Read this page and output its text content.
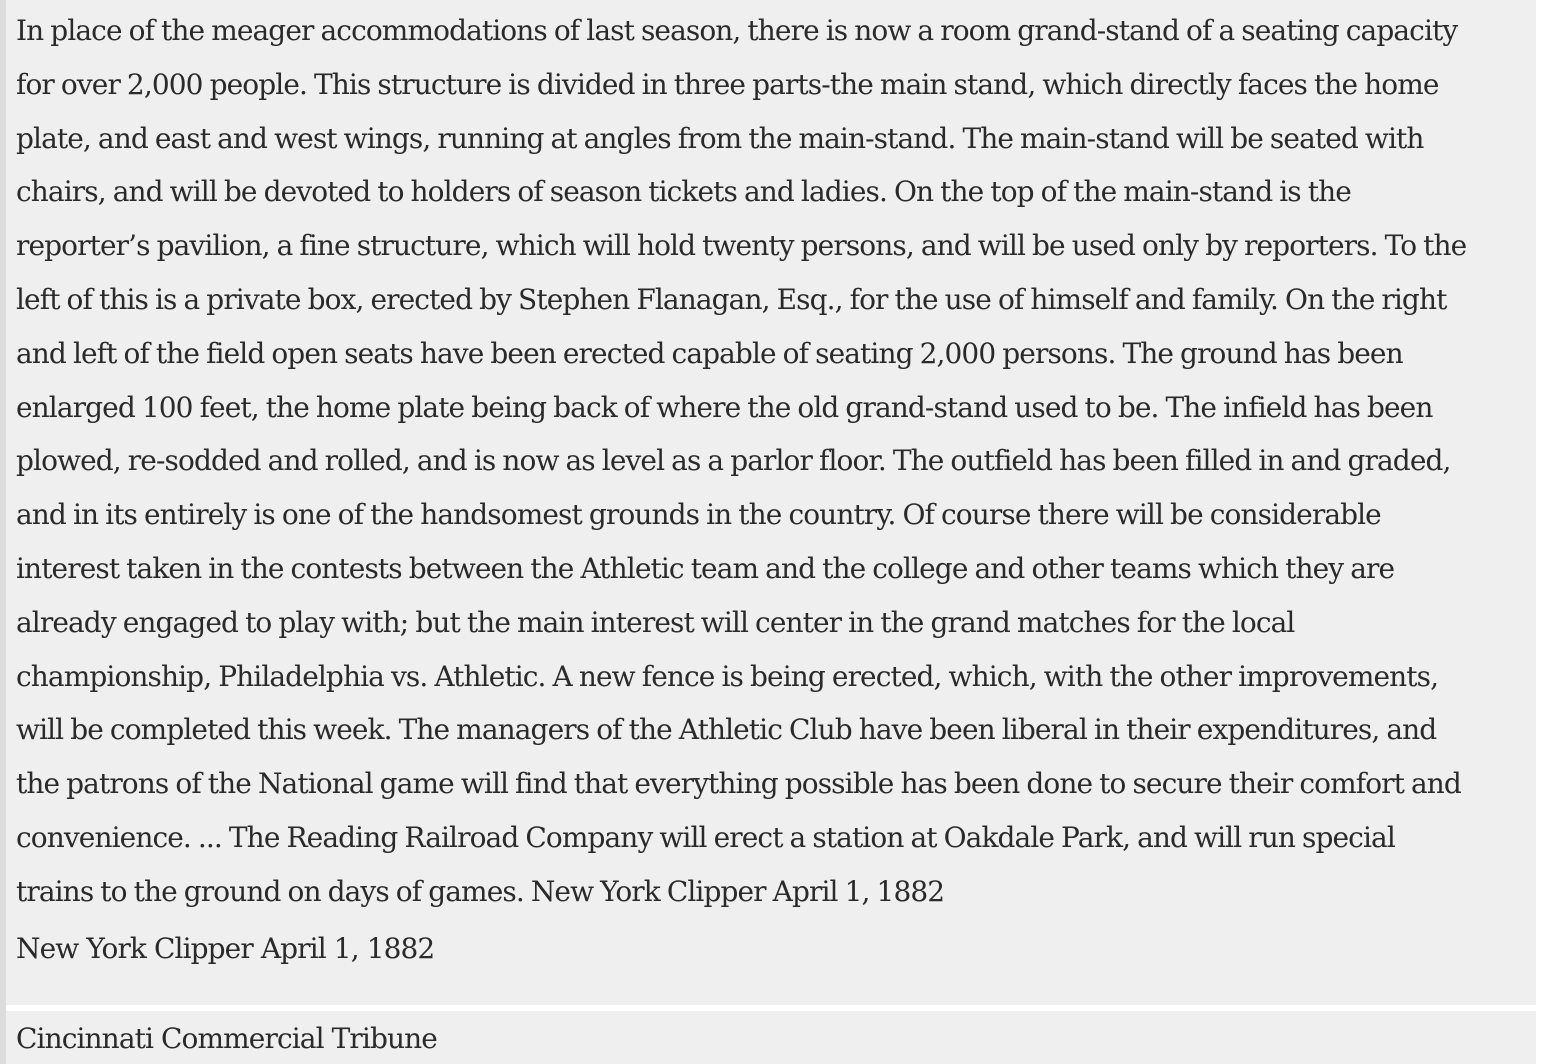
In place of the meager accommodations of last season, there is now a room grand-stand of a seating capacity
for over 2,000 people. This structure is divided in three parts-the main stand, which directly faces the home
plate, and east and west wings, running at angles from the main-stand. The main-stand will be seated with
chairs, and will be devoted to holders of season tickets and ladies. On the top of the main-stand is the
reporter’s pavilion, a fine structure, which will hold twenty persons, and will be used only by reporters. To the
left of this is a private box, erected by Stephen Flanagan, Esq., for the use of himself and family. On the right
and left of the field open seats have been erected capable of seating 2,000 persons. The ground has been
enlarged 100 feet, the home plate being back of where the old grand-stand used to be. The infield has been
plowed, re-sodded and rolled, and is now as level as a parlor floor. The outfield has been filled in and graded,
and in its entirely is one of the handsomest grounds in the country. Of course there will be considerable
interest taken in the contests between the Athletic team and the college and other teams which they are
already engaged to play with; but the main interest will center in the grand matches for the local
championship, Philadelphia vs. Athletic. A new fence is being erected, which, with the other improvements,
will be completed this week. The managers of the Athletic Club have been liberal in their expenditures, and
the patrons of the National game will find that everything possible has been done to secure their comfort and
convenience. ... The Reading Railroad Company will erect a station at Oakdale Park, and will run special
trains to the ground on days of games. New York Clipper April 1, 1882

New York Clipper April 1, 1882

Cincinnati Commercial Tribune
